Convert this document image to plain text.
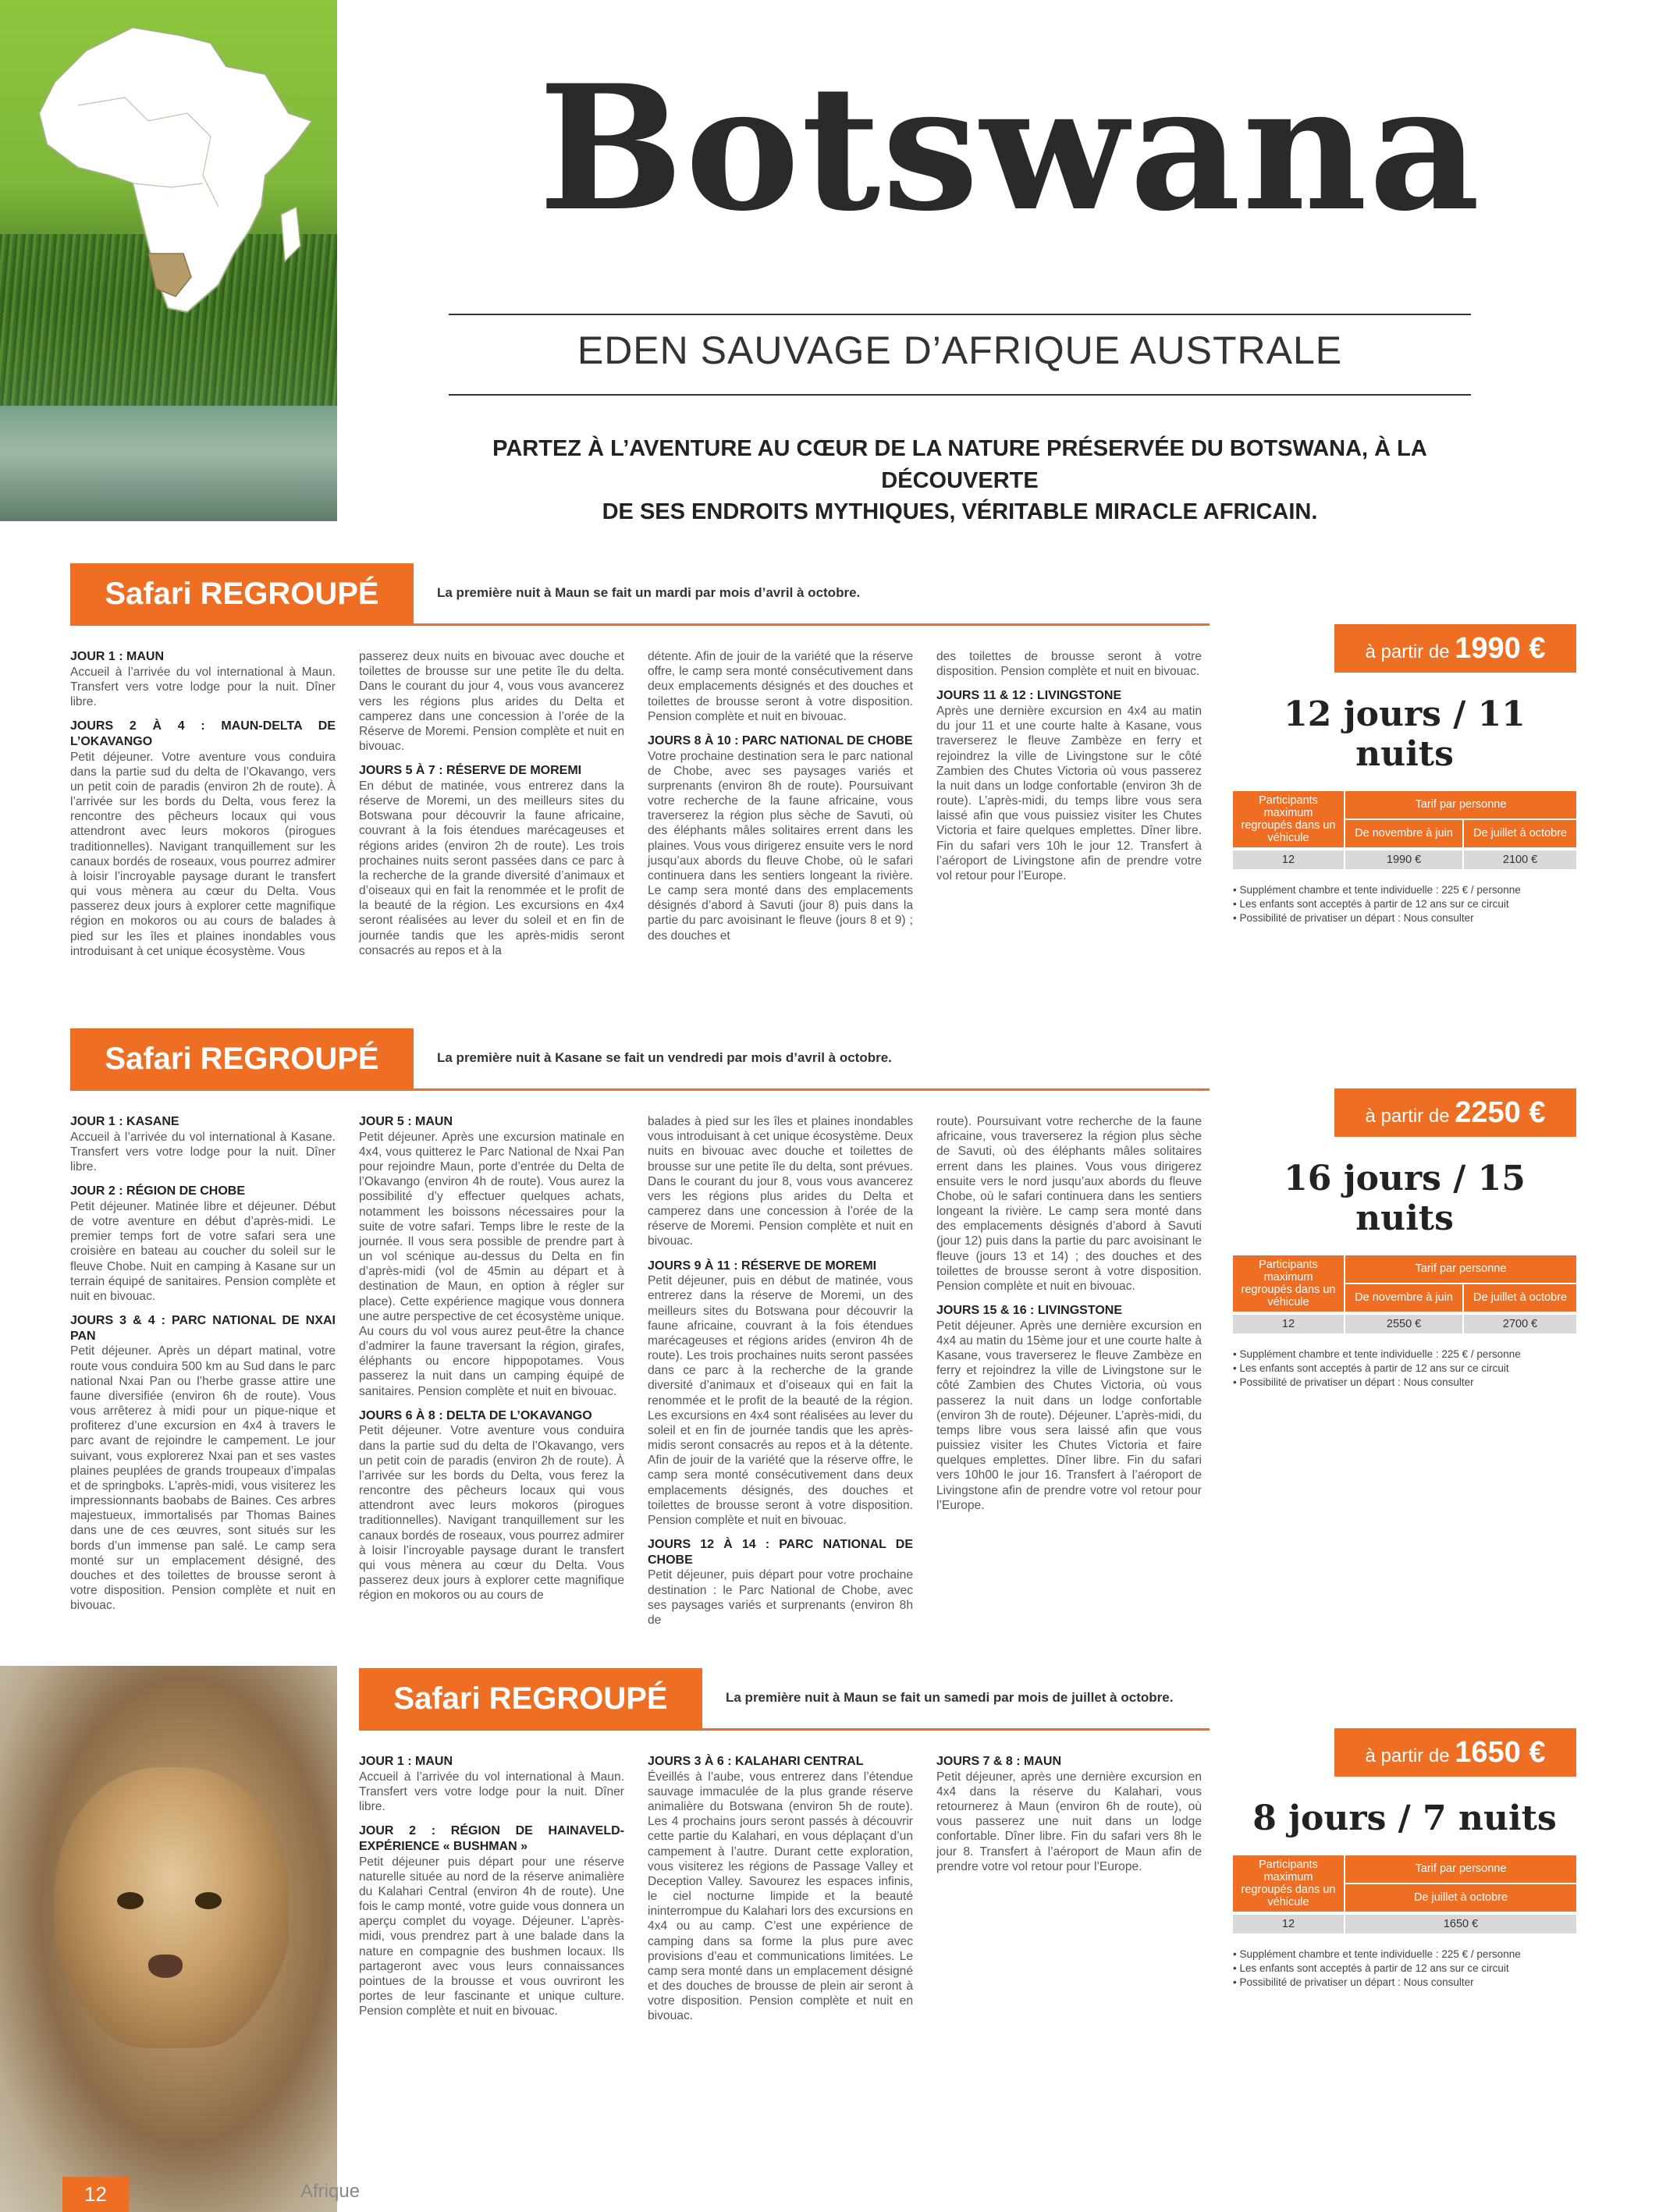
Botswana
EDEN SAUVAGE D’AFRIQUE AUSTRALE
PARTEZ À L’AVENTURE AU CŒUR DE LA NATURE PRÉSERVÉE DU BOTSWANA, À LA DÉCOUVERTE
DE SES ENDROITS MYTHIQUES, VÉRITABLE MIRACLE AFRICAIN.
Safari REGROUPÉ	La première nuit à Maun se fait un mardi par mois d’avril à octobre.

JOUR 1 : MAUN
Accueil à l’arrivée du vol international à Maun. Transfert vers votre lodge pour la nuit. Dîner libre.

JOURS 2 À 4 : MAUN-DELTA DE L’OKAVANGO
Petit déjeuner. Votre aventure vous conduira dans la partie sud du delta de l’Okavango, vers un petit coin de paradis (environ 2h de route). À l’arrivée sur les bords du Delta, vous ferez la rencontre des pêcheurs locaux qui vous attendront avec leurs mokoros (pirogues traditionnelles). Navigant tranquillement sur les canaux bordés de roseaux, vous pourrez admirer à loisir l’incroyable paysage durant le transfert qui vous mènera au cœur du Delta. Vous passerez deux jours à explorer cette magnifique région en mokoros ou au cours de balades à pied sur les îles et plaines inondables vous introduisant à cet unique écosystème. Vous

passerez deux nuits en bivouac avec douche et toilettes de brousse sur une petite île du delta. Dans le courant du jour 4, vous vous avancerez vers les régions plus arides du Delta et camperez dans une concession à l’orée de la Réserve de Moremi. Pension complète et nuit en bivouac.

JOURS 5 À 7 : RÉSERVE DE MOREMI
En début de matinée, vous entrerez dans la réserve de Moremi, un des meilleurs sites du Botswana pour découvrir la faune africaine, couvrant à la fois étendues marécageuses et régions arides (environ 2h de route). Les trois prochaines nuits seront passées dans ce parc à la recherche de la grande diversité d’animaux et d’oiseaux qui en fait la renommée et le profit de la beauté de la région. Les excursions en 4x4 seront réalisées au lever du soleil et en fin de journée tandis que les après-midis seront consacrés au repos et à la

détente. Afin de jouir de la variété que la réserve offre, le camp sera monté consécutivement dans deux emplacements désignés et des douches et toilettes de brousse seront à votre disposition. Pension complète et nuit en bivouac.

JOURS 8 À 10 : PARC NATIONAL DE CHOBE
Votre prochaine destination sera le parc national de Chobe, avec ses paysages variés et surprenants (environ 8h de route). Poursuivant votre recherche de la faune africaine, vous traverserez la région plus sèche de Savuti, où des éléphants mâles solitaires errent dans les plaines. Vous vous dirigerez ensuite vers le nord jusqu’aux abords du fleuve Chobe, où le safari continuera dans les sentiers longeant la rivière. Le camp sera monté dans des emplacements désignés d’abord à Savuti (jour 8) puis dans la partie du parc avoisinant le fleuve (jours 8 et 9) ; des douches et

des toilettes de brousse seront à votre disposition. Pension complète et nuit en bivouac.

JOURS 11 & 12 : LIVINGSTONE
Après une dernière excursion en 4x4 au matin du jour 11 et une courte halte à Kasane, vous traverserez le fleuve Zambèze en ferry et rejoindrez la ville de Livingstone sur le côté Zambien des Chutes Victoria où vous passerez la nuit dans un lodge confortable (environ 3h de route). L’après-midi, du temps libre vous sera laissé afin que vous puissiez visiter les Chutes Victoria et faire quelques emplettes. Dîner libre. Fin du safari vers 10h le jour 12. Transfert à l’aéroport de Livingstone afin de prendre votre vol retour pour l’Europe.

à partir de 1990 €
12 jours / 11 nuits
Participants maximum regroupés dans un véhicule	Tarif par personne	
	De novembre à juin	De juillet à octobre
12	1990 €	2100 €
• Supplément chambre et tente individuelle : 225 € / personne
• Les enfants sont acceptés à partir de 12 ans sur ce circuit
• Possibilité de privatiser un départ : Nous consulter
Safari REGROUPÉ	La première nuit à Kasane se fait un vendredi par mois d’avril à octobre.

JOUR 1 : KASANE
Accueil à l’arrivée du vol international à Kasane. Transfert vers votre lodge pour la nuit. Dîner libre.

JOUR 2 : RÉGION DE CHOBE
Petit déjeuner. Matinée libre et déjeuner. Début de votre aventure en début d’après-midi. Le premier temps fort de votre safari sera une croisière en bateau au coucher du soleil sur le fleuve Chobe. Nuit en camping à Kasane sur un terrain équipé de sanitaires. Pension complète et nuit en bivouac.

JOURS 3 & 4 : PARC NATIONAL DE NXAI PAN
Petit déjeuner. Après un départ matinal, votre route vous conduira 500 km au Sud dans le parc national Nxai Pan ou l’herbe grasse attire une faune diversifiée (environ 6h de route). Vous vous arrêterez à midi pour un pique-nique et profiterez d’une excursion en 4x4 à travers le parc avant de rejoindre le campement. Le jour suivant, vous explorerez Nxai pan et ses vastes plaines peuplées de grands troupeaux d’impalas et de springboks. L’après-midi, vous visiterez les impressionnants baobabs de Baines. Ces arbres majestueux, immortalisés par Thomas Baines dans une de ces œuvres, sont situés sur les bords d’un immense pan salé. Le camp sera monté sur un emplacement désigné, des douches et des toilettes de brousse seront à votre disposition. Pension complète et nuit en bivouac.

JOUR 5 : MAUN
Petit déjeuner. Après une excursion matinale en 4x4, vous quitterez le Parc National de Nxai Pan pour rejoindre Maun, porte d’entrée du Delta de l’Okavango (environ 4h de route). Vous aurez la possibilité d’y effectuer quelques achats, notamment les boissons nécessaires pour la suite de votre safari. Temps libre le reste de la journée. Il vous sera possible de prendre part à un vol scénique au-dessus du Delta en fin d’après-midi (vol de 45min au départ et à destination de Maun, en option à régler sur place). Cette expérience magique vous donnera une autre perspective de cet écosystème unique. Au cours du vol vous aurez peut-être la chance d’admirer la faune traversant la région, girafes, éléphants ou encore hippopotames. Vous passerez la nuit dans un camping équipé de sanitaires. Pension complète et nuit en bivouac.

JOURS 6 À 8 : DELTA DE L’OKAVANGO
Petit déjeuner. Votre aventure vous conduira dans la partie sud du delta de l’Okavango, vers un petit coin de paradis (environ 2h de route). À l’arrivée sur les bords du Delta, vous ferez la rencontre des pêcheurs locaux qui vous attendront avec leurs mokoros (pirogues traditionnelles). Navigant tranquillement sur les canaux bordés de roseaux, vous pourrez admirer à loisir l’incroyable paysage durant le transfert qui vous mènera au cœur du Delta. Vous passerez deux jours à explorer cette magnifique région en mokoros ou au cours de

balades à pied sur les îles et plaines inondables vous introduisant à cet unique écosystème. Deux nuits en bivouac avec douche et toilettes de brousse sur une petite île du delta, sont prévues. Dans le courant du jour 8, vous vous avancerez vers les régions plus arides du Delta et camperez dans une concession à l’orée de la réserve de Moremi. Pension complète et nuit en bivouac.

JOURS 9 À 11 : RÉSERVE DE MOREMI
Petit déjeuner, puis en début de matinée, vous entrerez dans la réserve de Moremi, un des meilleurs sites du Botswana pour découvrir la faune africaine, couvrant à la fois étendues marécageuses et régions arides (environ 4h de route). Les trois prochaines nuits seront passées dans ce parc à la recherche de la grande diversité d’animaux et d’oiseaux qui en fait la renommée et le profit de la beauté de la région. Les excursions en 4x4 sont réalisées au lever du soleil et en fin de journée tandis que les après-midis seront consacrés au repos et à la détente. Afin de jouir de la variété que la réserve offre, le camp sera monté consécutivement dans deux emplacements désignés, des douches et toilettes de brousse seront à votre disposition. Pension complète et nuit en bivouac.

JOURS 12 À 14 : PARC NATIONAL DE CHOBE
Petit déjeuner, puis départ pour votre prochaine destination : le Parc National de Chobe, avec ses paysages variés et surprenants (environ 8h de

route). Poursuivant votre recherche de la faune africaine, vous traverserez la région plus sèche de Savuti, où des éléphants mâles solitaires errent dans les plaines. Vous vous dirigerez ensuite vers le nord jusqu’aux abords du fleuve Chobe, où le safari continuera dans les sentiers longeant la rivière. Le camp sera monté dans des emplacements désignés d’abord à Savuti (jour 12) puis dans la partie du parc avoisinant le fleuve (jours 13 et 14) ; des douches et des toilettes de brousse seront à votre disposition. Pension complète et nuit en bivouac.

JOURS 15 & 16 : LIVINGSTONE
Petit déjeuner. Après une dernière excursion en 4x4 au matin du 15ème jour et une courte halte à Kasane, vous traverserez le fleuve Zambèze en ferry et rejoindrez la ville de Livingstone sur le côté Zambien des Chutes Victoria, où vous passerez la nuit dans un lodge confortable (environ 3h de route). Déjeuner. L’après-midi, du temps libre vous sera laissé afin que vous puissiez visiter les Chutes Victoria et faire quelques emplettes. Dîner libre. Fin du safari vers 10h00 le jour 16. Transfert à l’aéroport de Livingstone afin de prendre votre vol retour pour l’Europe.

à partir de 2250 €
16 jours / 15 nuits
Participants maximum regroupés dans un véhicule	Tarif par personne	
	De novembre à juin	De juillet à octobre
12	2550 €	2700 €
• Supplément chambre et tente individuelle : 225 € / personne
• Les enfants sont acceptés à partir de 12 ans sur ce circuit
• Possibilité de privatiser un départ : Nous consulter
Safari REGROUPÉ	La première nuit à Maun se fait un samedi par mois de juillet à octobre.

JOUR 1 : MAUN
Accueil à l’arrivée du vol international à Maun. Transfert vers votre lodge pour la nuit. Dîner libre.

JOUR 2 : RÉGION DE HAINAVELD- EXPÉRIENCE « BUSHMAN »
Petit déjeuner puis départ pour une réserve naturelle située au nord de la réserve animalière du Kalahari Central (environ 4h de route). Une fois le camp monté, votre guide vous donnera un aperçu complet du voyage. Déjeuner. L’après-midi, vous prendrez part à une balade dans la nature en compagnie des bushmen locaux. Ils partageront avec vous leurs connaissances pointues de la brousse et vous ouvriront les portes de leur fascinante et unique culture. Pension complète et nuit en bivouac.

JOURS 3 À 6 : KALAHARI CENTRAL
Éveillés à l’aube, vous entrerez dans l’étendue sauvage immaculée de la plus grande réserve animalière du Botswana (environ 5h de route). Les 4 prochains jours seront passés à découvrir cette partie du Kalahari, en vous déplaçant d’un campement à l’autre. Durant cette exploration, vous visiterez les régions de Passage Valley et Deception Valley. Savourez les espaces infinis, le ciel nocturne limpide et la beauté ininterrompue du Kalahari lors des excursions en 4x4 ou au camp. C’est une expérience de camping dans sa forme la plus pure avec provisions d’eau et communications limitées. Le camp sera monté dans un emplacement désigné et des douches de brousse de plein air seront à votre disposition. Pension complète et nuit en bivouac.

JOURS 7 & 8 : MAUN
Petit déjeuner, après une dernière excursion en 4x4 dans la réserve du Kalahari, vous retournerez à Maun (environ 6h de route), où vous passerez une nuit dans un lodge confortable. Dîner libre. Fin du safari vers 8h le jour 8. Transfert à l’aéroport de Maun afin de prendre votre vol retour pour l’Europe.

à partir de 1650 €
8 jours / 7 nuits
Participants maximum regroupés dans un véhicule	Tarif par personne
	De juillet à octobre
12	1650 €
• Supplément chambre et tente individuelle : 225 € / personne
• Les enfants sont acceptés à partir de 12 ans sur ce circuit
• Possibilité de privatiser un départ : Nous consulter
12	Afrique
